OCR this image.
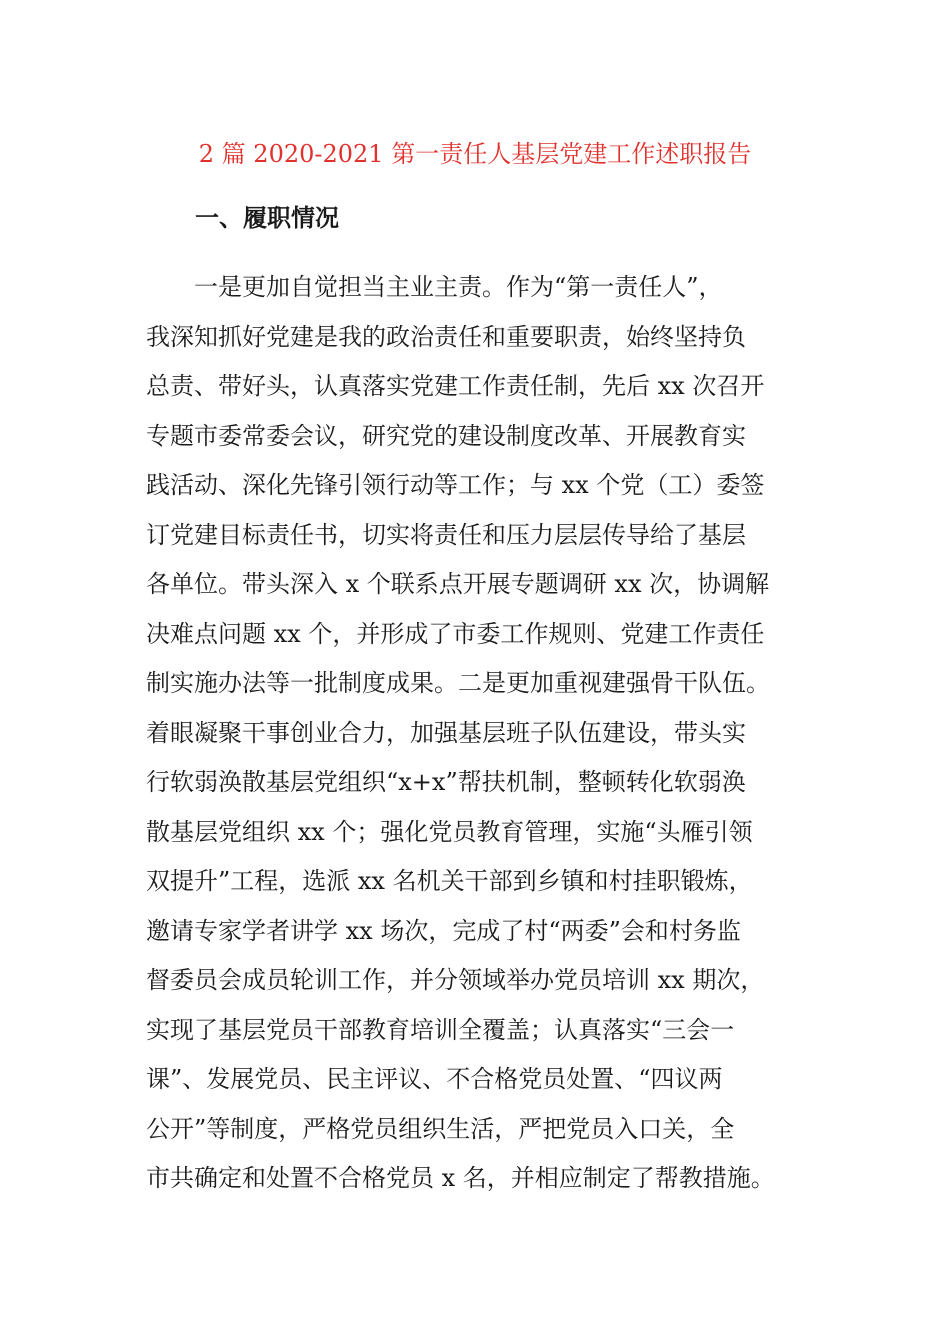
2 篇 2020-2021 第一责任人基层党建工作述职报告
一、履职情况
一是更加自觉担当主业主责。作为“第一责任人”，
我深知抓好党建是我的政治责任和重要职责，始终坚持负
总责、带好头，认真落实党建工作责任制，先后 xx 次召开
专题市委常委会议，研究党的建设制度改革、开展教育实
践活动、深化先锋引领行动等工作；与 xx 个党（工）委签
订党建目标责任书，切实将责任和压力层层传导给了基层
各单位。带头深入 x 个联系点开展专题调研 xx 次，协调解
决难点问题 xx 个，并形成了市委工作规则、党建工作责任
制实施办法等一批制度成果。二是更加重视建强骨干队伍。
着眼凝聚干事创业合力，加强基层班子队伍建设，带头实
行软弱涣散基层党组织“x+x”帮扶机制，整顿转化软弱涣
散基层党组织 xx 个；强化党员教育管理，实施“头雁引领
双提升”工程，选派 xx 名机关干部到乡镇和村挂职锻炼，
邀请专家学者讲学 xx 场次，完成了村“两委”会和村务监
督委员会成员轮训工作，并分领域举办党员培训 xx 期次，
实现了基层党员干部教育培训全覆盖；认真落实“三会一
课”、发展党员、民主评议、不合格党员处置、“四议两
公开”等制度，严格党员组织生活，严把党员入口关，全
市共确定和处置不合格党员 x 名，并相应制定了帮教措施。
